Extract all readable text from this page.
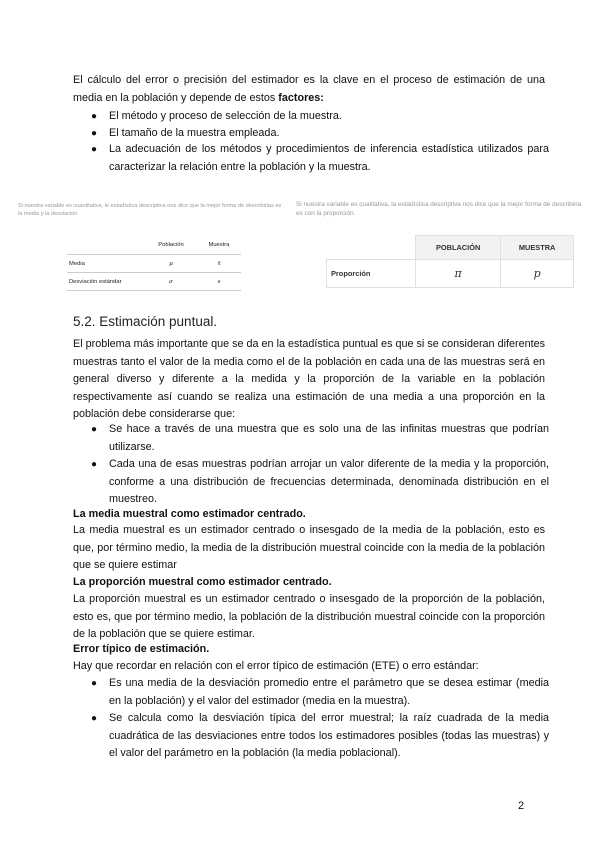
El cálculo del error o precisión del estimador es la clave en el proceso de estimación de una media en la población y depende de estos factores:
● El método y proceso de selección de la muestra.
● El tamaño de la muestra empleada.
● La adecuación de los métodos y procedimientos de inferencia estadística utilizados para caracterizar la relación entre la población y la muestra.
Si nuestra variable es cuantitativa, le estadística descriptiva nos dice que la mejor forma de describirlas es la media y la desviación
	Población	Muestra
Media	μ	x̄
Desviación estándar	σ	s
Si nuestra variable es cualitativa, la estadística descriptiva nos dice que la mejor forma de describirla es con la proporción.
	POBLACIÓN	MUESTRA
Proporción	π	p
5.2. Estimación puntual.
El problema más importante que se da en la estadística puntual es que si se consideran diferentes muestras tanto el valor de la media como el de la población en cada una de las muestras será en general diverso y diferente a la medida y la proporción de la variable en la población respectivamente así cuando se realiza una estimación de una media a una proporción en la población debe considerarse que:
● Se hace a través de una muestra que es solo una de las infinitas muestras que podrían utilizarse.
● Cada una de esas muestras podrían arrojar un valor diferente de la media y la proporción, conforme a una distribución de frecuencias determinada, denominada distribución en el muestreo.
La media muestral como estimador centrado.
La media muestral es un estimador centrado o insesgado de la media de la población, esto es que, por término medio, la media de la distribución muestral coincide con la media de la población que se quiere estimar
La proporción muestral como estimador centrado.
La proporción muestral es un estimador centrado o insesgado de la proporción de la población, esto es, que por término medio, la población de la distribución muestral coincide con la proporción de la población que se quiere estimar.
Error típico de estimación.
Hay que recordar en relación con el error típico de estimación (ETE) o erro estándar:
● Es una media de la desviación promedio entre el parámetro que se desea estimar (media en la población) y el valor del estimador (media en la muestra).
● Se calcula como la desviación típica del error muestral; la raíz cuadrada de la media cuadrática de las desviaciones entre todos los estimadores posibles (todas las muestras) y el valor del parámetro en la población (la media poblacional).
2
